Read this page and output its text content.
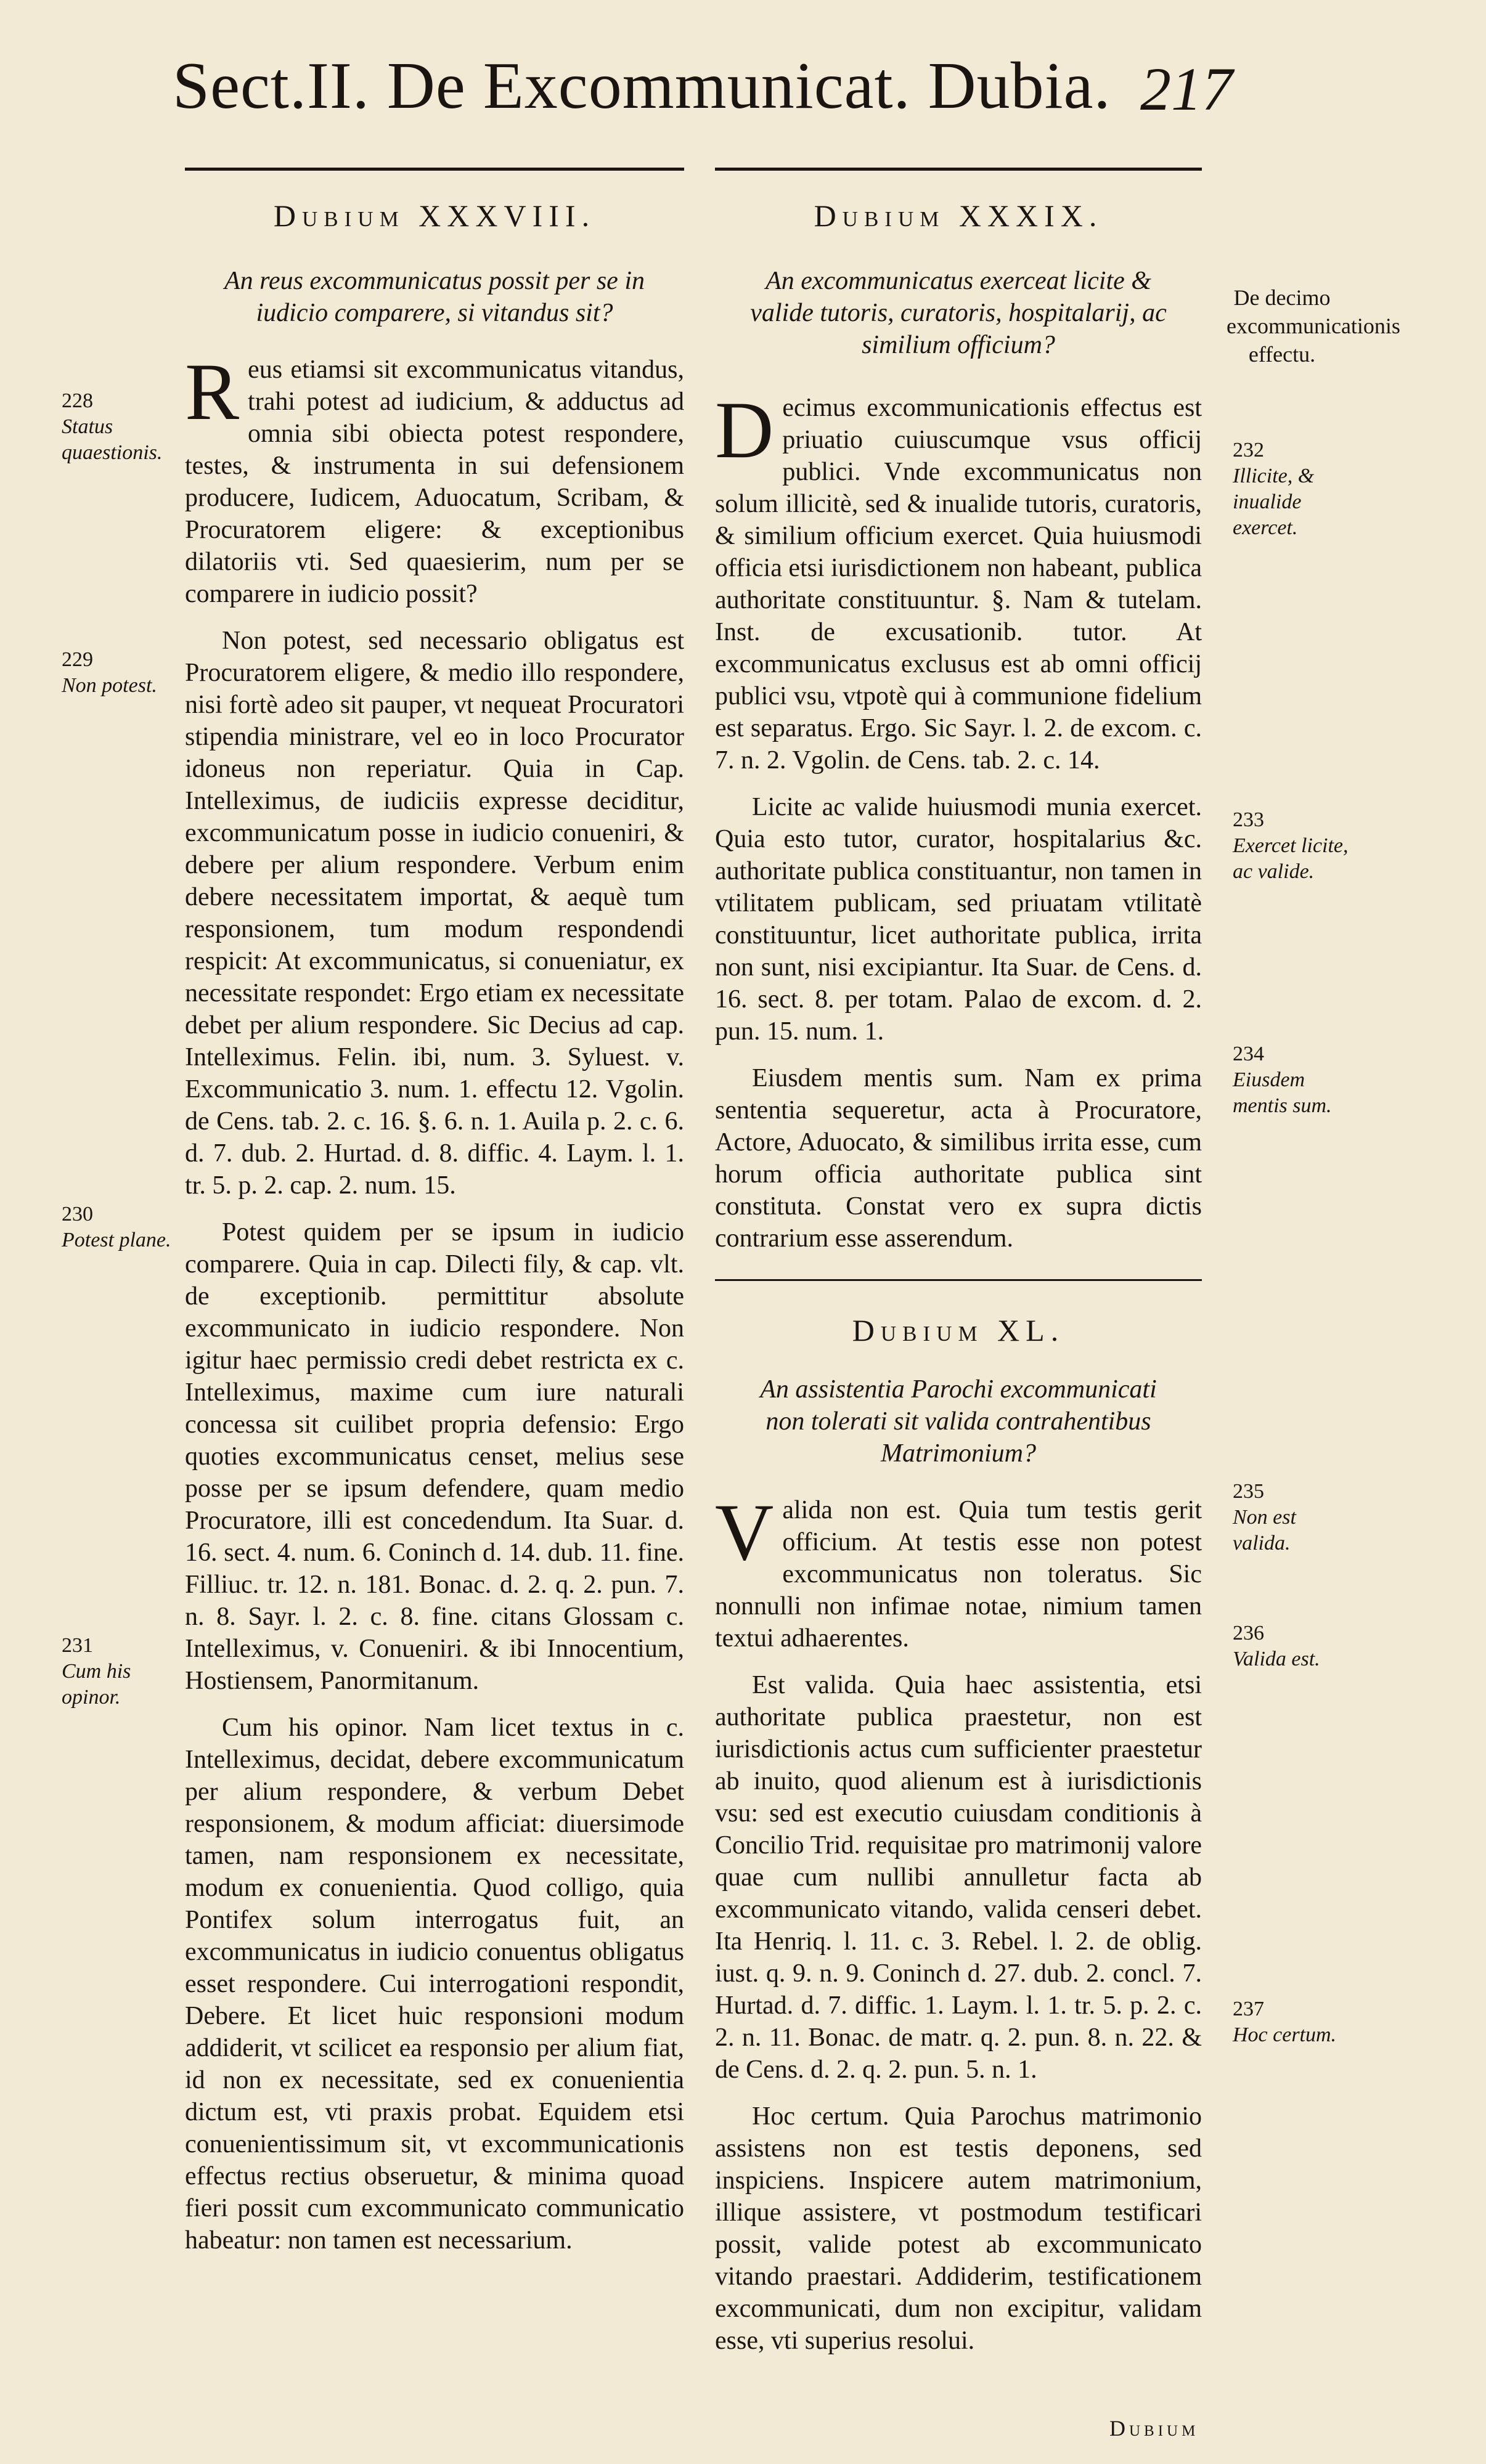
Sect.II. De Excommunicat. Dubia. 217
Dubium XXXVIII.
An reus excommunicatus possit per se in iudicio comparere, si vitandus sit?

Reus etiamsi sit excommunicatus vitandus, trahi potest ad iudicium, & adductus ad omnia sibi obiecta potest respondere, testes, & instrumenta in sui defensionem producere, Iudicem, Aduocatum, Scribam, & Procuratorem eligere: & exceptionibus dilatoriis vti. Sed quaesierim, num per se comparere in iudicio possit?

Non potest, sed necessario obligatus est Procuratorem eligere, & medio illo respondere, nisi fortè adeo sit pauper, vt nequeat Procuratori stipendia ministrare, vel eo in loco Procurator idoneus non reperiatur. Quia in Cap. Intelleximus, de iudiciis expresse deciditur, excommunicatum posse in iudicio conueniri, & debere per alium respondere. Verbum enim debere necessitatem importat, & aequè tum responsionem, tum modum respondendi respicit: At excommunicatus, si conueniatur, ex necessitate respondet: Ergo etiam ex necessitate debet per alium respondere. Sic Decius ad cap. Intelleximus. Felin. ibi, num. 3. Syluest. v. Excommunicatio 3. num. 1. effectu 12. Vgolin. de Cens. tab. 2. c. 16. §. 6. n. 1. Auila p. 2. c. 6. d. 7. dub. 2. Hurtad. d. 8. diffic. 4. Laym. l. 1. tr. 5. p. 2. cap. 2. num. 15.

Potest quidem per se ipsum in iudicio comparere. Quia in cap. Dilecti fily, & cap. vlt. de exceptionib. permittitur absolute excommunicato in iudicio respondere. Non igitur haec permissio credi debet restricta ex c. Intelleximus, maxime cum iure naturali concessa sit cuilibet propria defensio: Ergo quoties excommunicatus censet, melius sese posse per se ipsum defendere, quam medio Procuratore, illi est concedendum. Ita Suar. d. 16. sect. 4. num. 6. Coninch d. 14. dub. 11. fine. Filliuc. tr. 12. n. 181. Bonac. d. 2. q. 2. pun. 7. n. 8. Sayr. l. 2. c. 8. fine. citans Glossam c. Intelleximus, v. Conueniri. & ibi Innocentium, Hostiensem, Panormitanum.

Cum his opinor. Nam licet textus in c. Intelleximus, decidat, debere excommunicatum per alium respondere, & verbum Debet responsionem, & modum afficiat: diuersimode tamen, nam responsionem ex necessitate, modum ex conuenientia. Quod colligo, quia Pontifex solum interrogatus fuit, an excommunicatus in iudicio conuentus obligatus esset respondere. Cui interrogationi respondit, Debere. Et licet huic responsioni modum addiderit, vt scilicet ea responsio per alium fiat, id non ex necessitate, sed ex conuenientia dictum est, vti praxis probat. Equidem etsi conuenientissimum sit, vt excommunicationis effectus rectius obseruetur, & minima quoad fieri possit cum excommunicato communicatio habeatur: non tamen est necessarium.

228
Status quaestionis.
229
Non potest.
230
Potest plane.
231
Cum his opinor.
Dubium XXXIX.
An excommunicatus exerceat licite & valide tutoris, curatoris, hospitalarij, ac similium officium?

Decimus excommunicationis effectus est priuatio cuiuscumque vsus officij publici. Vnde excommunicatus non solum illicitè, sed & inualide tutoris, curatoris, & similium officium exercet. Quia huiusmodi officia etsi iurisdictionem non habeant, publica authoritate constituuntur. §. Nam & tutelam. Inst. de excusationib. tutor. At excommunicatus exclusus est ab omni officij publici vsu, vtpotè qui à communione fidelium est separatus. Ergo. Sic Sayr. l. 2. de excom. c. 7. n. 2. Vgolin. de Cens. tab. 2. c. 14.

Licite ac valide huiusmodi munia exercet. Quia esto tutor, curator, hospitalarius &c. authoritate publica constituantur, non tamen in vtilitatem publicam, sed priuatam vtilitatè constituuntur, licet authoritate publica, irrita non sunt, nisi excipiantur. Ita Suar. de Cens. d. 16. sect. 8. per totam. Palao de excom. d. 2. pun. 15. num. 1.

Eiusdem mentis sum. Nam ex prima sententia sequeretur, acta à Procuratore, Actore, Aduocato, & similibus irrita esse, cum horum officia authoritate publica sint constituta. Constat vero ex supra dictis contrarium esse asserendum.

Dubium XL.
An assistentia Parochi excommunicati non tolerati sit valida contrahentibus Matrimonium?

Valida non est. Quia tum testis gerit officium. At testis esse non potest excommunicatus non toleratus. Sic nonnulli non infimae notae, nimium tamen textui adhaerentes.

Est valida. Quia haec assistentia, etsi authoritate publica praestetur, non est iurisdictionis actus cum sufficienter praestetur ab inuito, quod alienum est à iurisdictionis vsu: sed est executio cuiusdam conditionis à Concilio Trid. requisitae pro matrimonij valore quae cum nullibi annulletur facta ab excommunicato vitando, valida censeri debet. Ita Henriq. l. 11. c. 3. Rebel. l. 2. de oblig. iust. q. 9. n. 9. Coninch d. 27. dub. 2. concl. 7. Hurtad. d. 7. diffic. 1. Laym. l. 1. tr. 5. p. 2. c. 2. n. 11. Bonac. de matr. q. 2. pun. 8. n. 22. & de Cens. d. 2. q. 2. pun. 5. n. 1.

Hoc certum. Quia Parochus matrimonio assistens non est testis deponens, sed inspiciens. Inspicere autem matrimonium, illique assistere, vt postmodum testificari possit, valide potest ab excommunicato vitando praestari. Addiderim, testificationem excommunicati, dum non excipitur, validam esse, vti superius resolui.

De decimo excommunicationis effectu.
232
Illicite, & inualide exercet.
233
Exercet licite, ac valide.
234
Eiusdem mentis sum.
235
Non est valida.
236
Valida est.
237
Hoc certum.
Dubium
